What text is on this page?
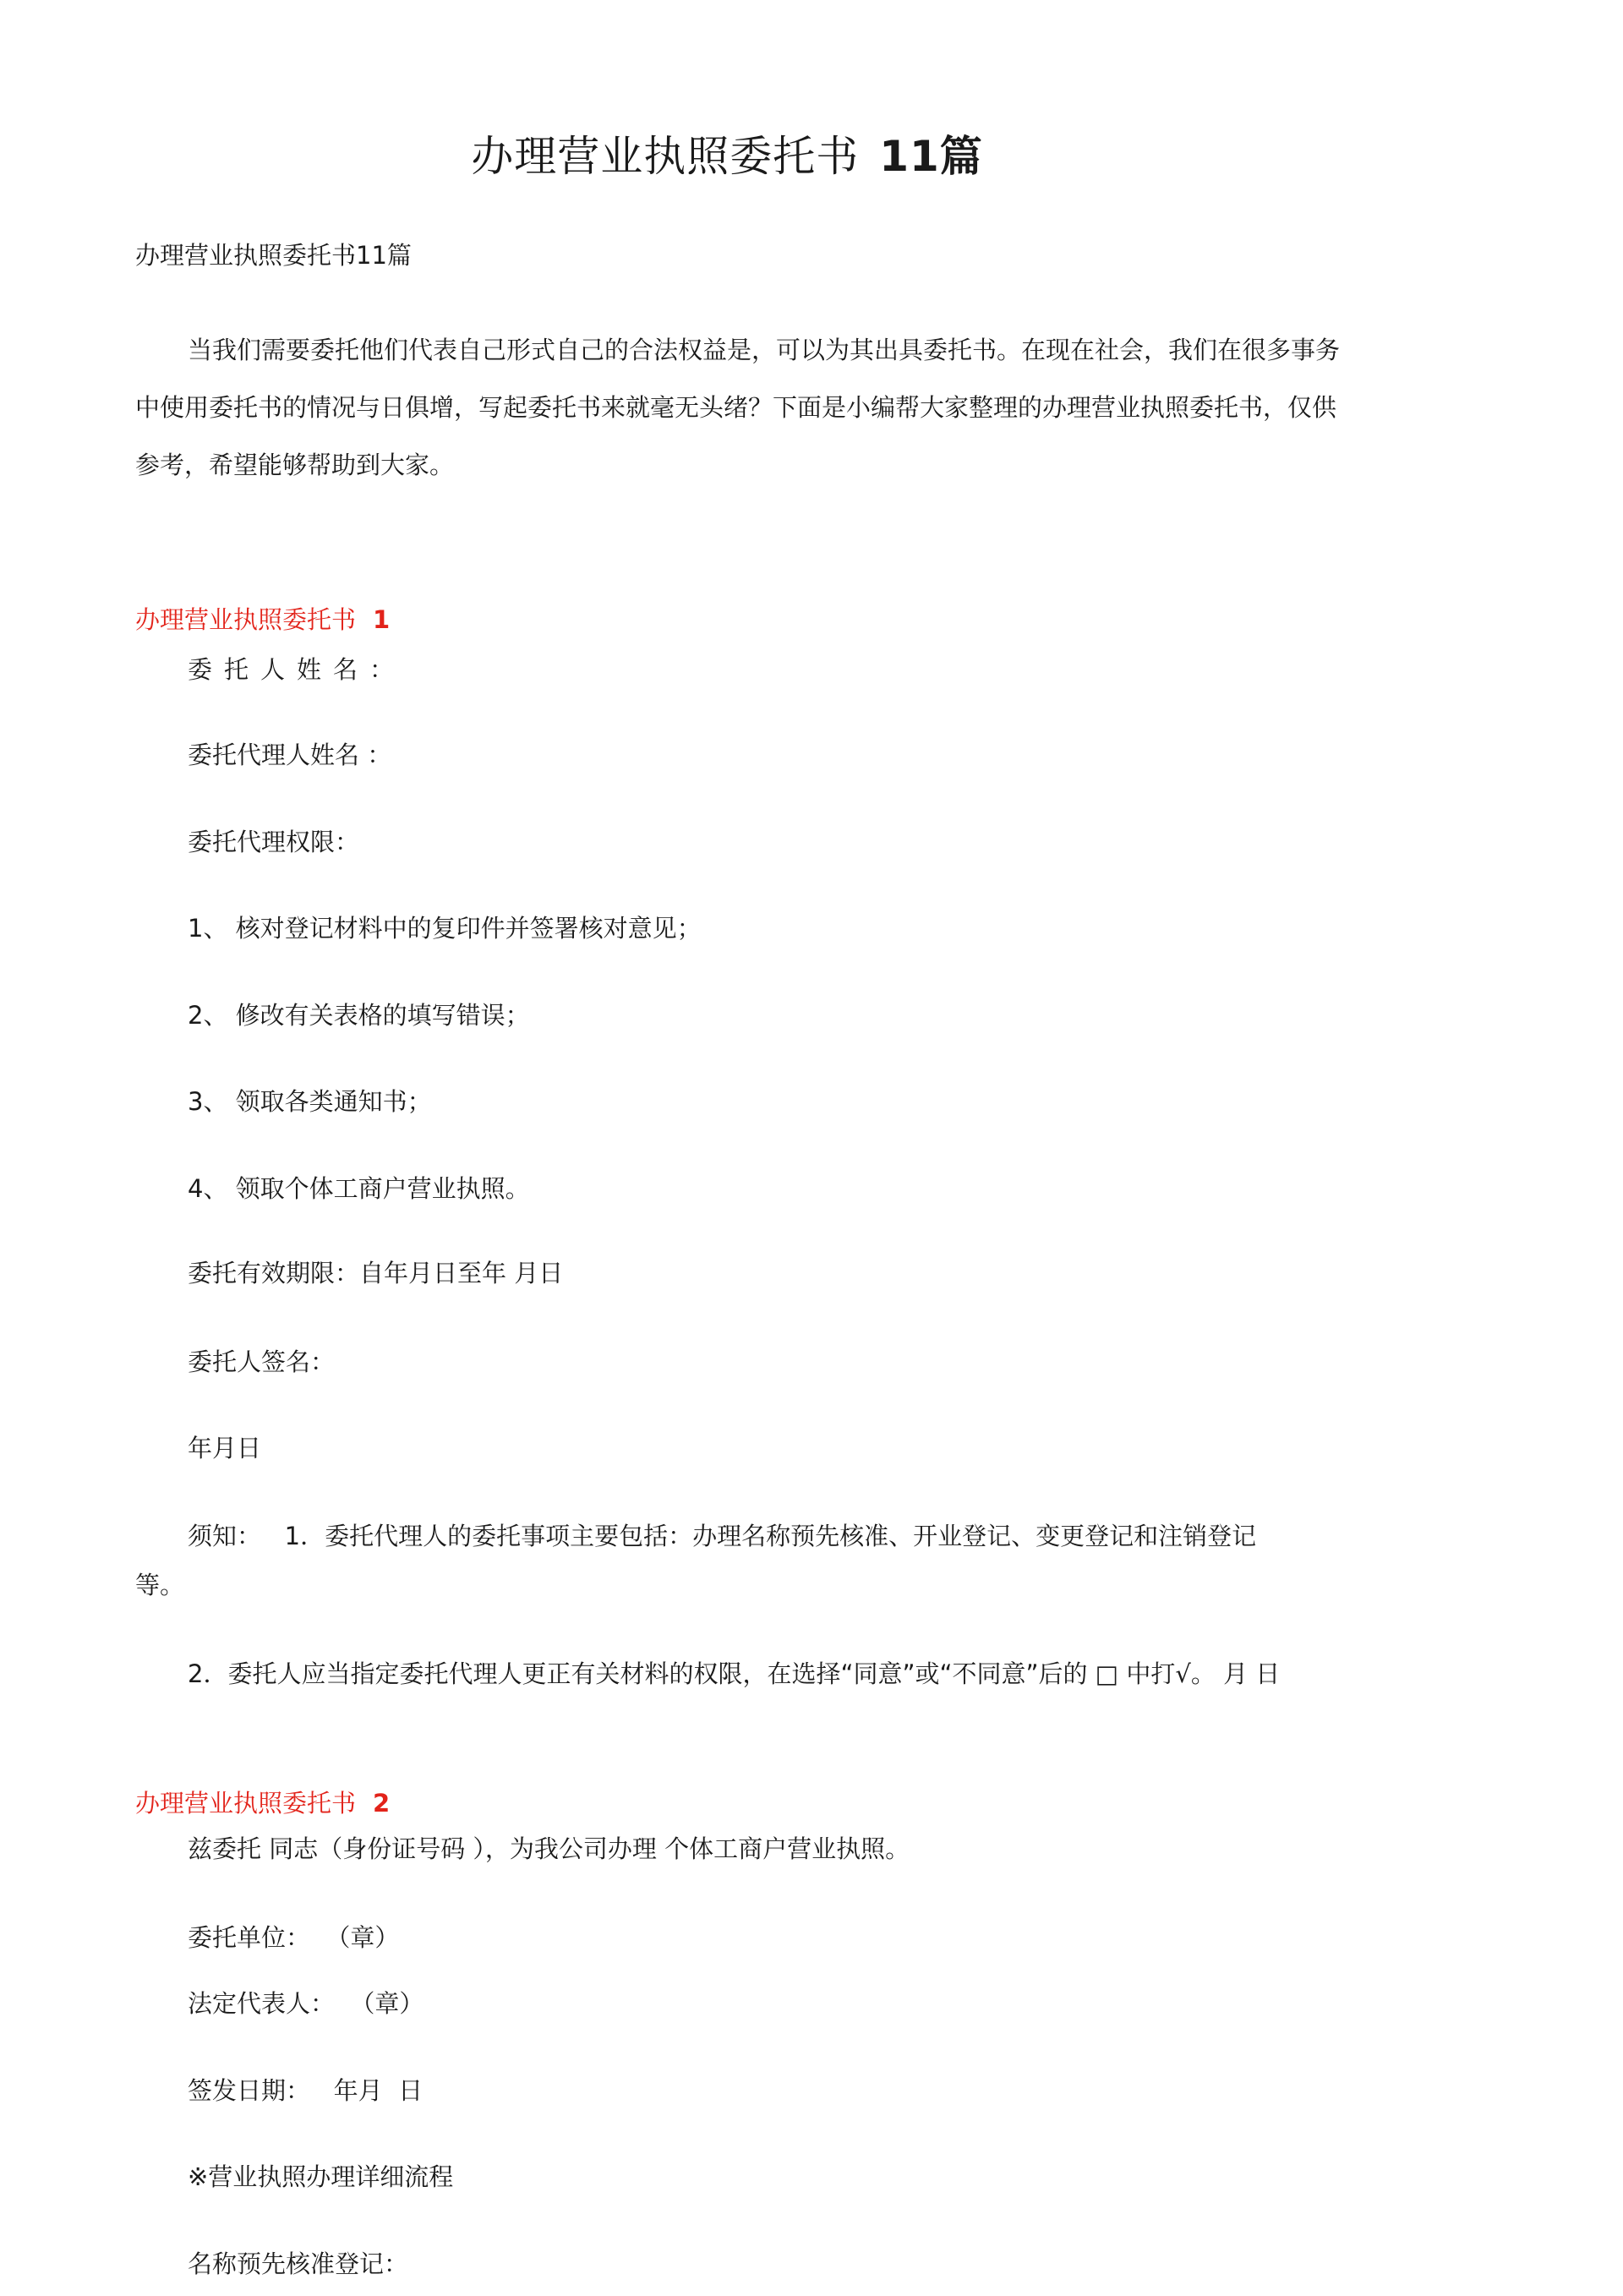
办理营业执照委托书 11篇
办理营业执照委托书11篇
当我们需要委托他们代表自己形式自己的合法权益是，可以为其出具委托书。在现在社会，我们在很多事务中使用委托书的情况与日俱增，写起委托书来就毫无头绪？下面是小编帮大家整理的办理营业执照委托书，仅供参考，希望能够帮助到大家。
办理营业执照委托书 1
委托人姓名：
委托代理人姓名 ：
委托代理权限：
1、 核对登记材料中的复印件并签署核对意见；
2、 修改有关表格的填写错误；
3、 领取各类通知书；
4、 领取个体工商户营业执照。
委托有效期限：自年月日至年 月日
委托人签名：
年月日
须知：   1．委托代理人的委托事项主要包括：办理名称预先核准、开业登记、变更登记和注销登记
等。
2．委托人应当指定委托代理人更正有关材料的权限，在选择“同意”或“不同意”后的 □ 中打√。 月 日
办理营业执照委托书 2
兹委托 同志（身份证号码 ），为我公司办理 个体工商户营业执照。
委托单位：  （章）
法定代表人：  （章）
签发日期：   年月  日
※营业执照办理详细流程
名称预先核准登记：
